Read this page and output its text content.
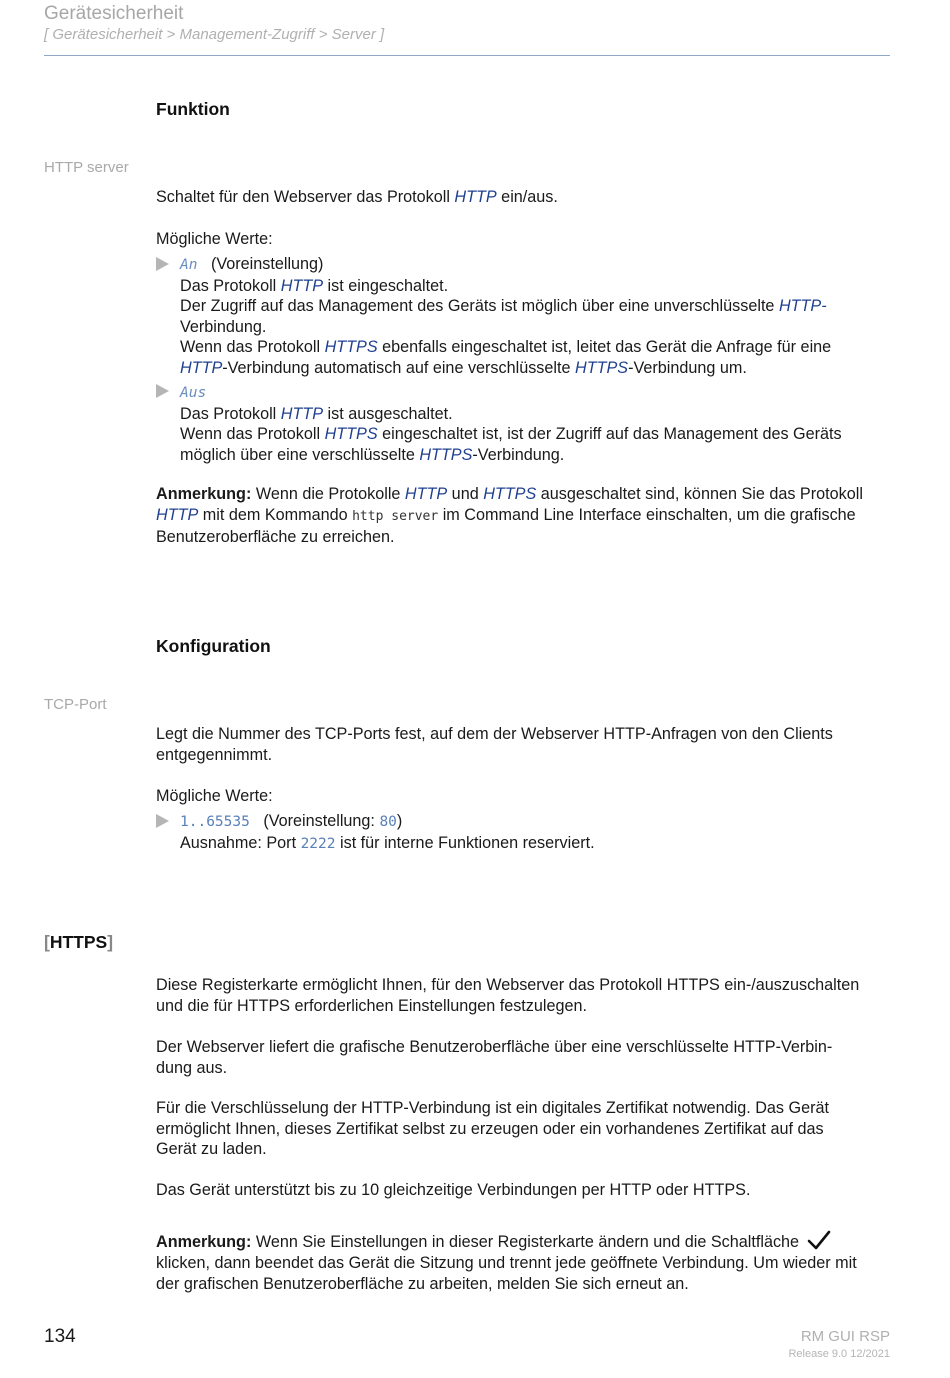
Gerätesicherheit
[ Gerätesicherheit > Management-Zugriff > Server ]
Funktion
HTTP server
Schaltet für den Webserver das Protokoll HTTP ein/aus.
Mögliche Werte:
An (Voreinstellung)
Das Protokoll HTTP ist eingeschaltet.
Der Zugriff auf das Management des Geräts ist möglich über eine unverschlüsselte HTTP-
Verbindung.
Wenn das Protokoll HTTPS ebenfalls eingeschaltet ist, leitet das Gerät die Anfrage für eine
HTTP-Verbindung automatisch auf eine verschlüsselte HTTPS-Verbindung um.
Aus
Das Protokoll HTTP ist ausgeschaltet.
Wenn das Protokoll HTTPS eingeschaltet ist, ist der Zugriff auf das Management des Geräts
möglich über eine verschlüsselte HTTPS-Verbindung.
Anmerkung: Wenn die Protokolle HTTP und HTTPS ausgeschaltet sind, können Sie das Protokoll
HTTP mit dem Kommando http server im Command Line Interface einschalten, um die grafische
Benutzeroberfläche zu erreichen.
Konfiguration
TCP-Port
Legt die Nummer des TCP-Ports fest, auf dem der Webserver HTTP-Anfragen von den Clients
entgegennimmt.
Mögliche Werte:
1..65535 (Voreinstellung: 80)
Ausnahme: Port 2222 ist für interne Funktionen reserviert.
[HTTPS]
Diese Registerkarte ermöglicht Ihnen, für den Webserver das Protokoll HTTPS ein-/auszuschalten
und die für HTTPS erforderlichen Einstellungen festzulegen.
Der Webserver liefert die grafische Benutzeroberfläche über eine verschlüsselte HTTP-Verbin-
dung aus.
Für die Verschlüsselung der HTTP-Verbindung ist ein digitales Zertifikat notwendig. Das Gerät
ermöglicht Ihnen, dieses Zertifikat selbst zu erzeugen oder ein vorhandenes Zertifikat auf das
Gerät zu laden.
Das Gerät unterstützt bis zu 10 gleichzeitige Verbindungen per HTTP oder HTTPS.
Anmerkung: Wenn Sie Einstellungen in dieser Registerkarte ändern und die Schaltfläche
klicken, dann beendet das Gerät die Sitzung und trennt jede geöffnete Verbindung. Um wieder mit
der grafischen Benutzeroberfläche zu arbeiten, melden Sie sich erneut an.
134	RM GUI RSP
Release 9.0 12/2021
